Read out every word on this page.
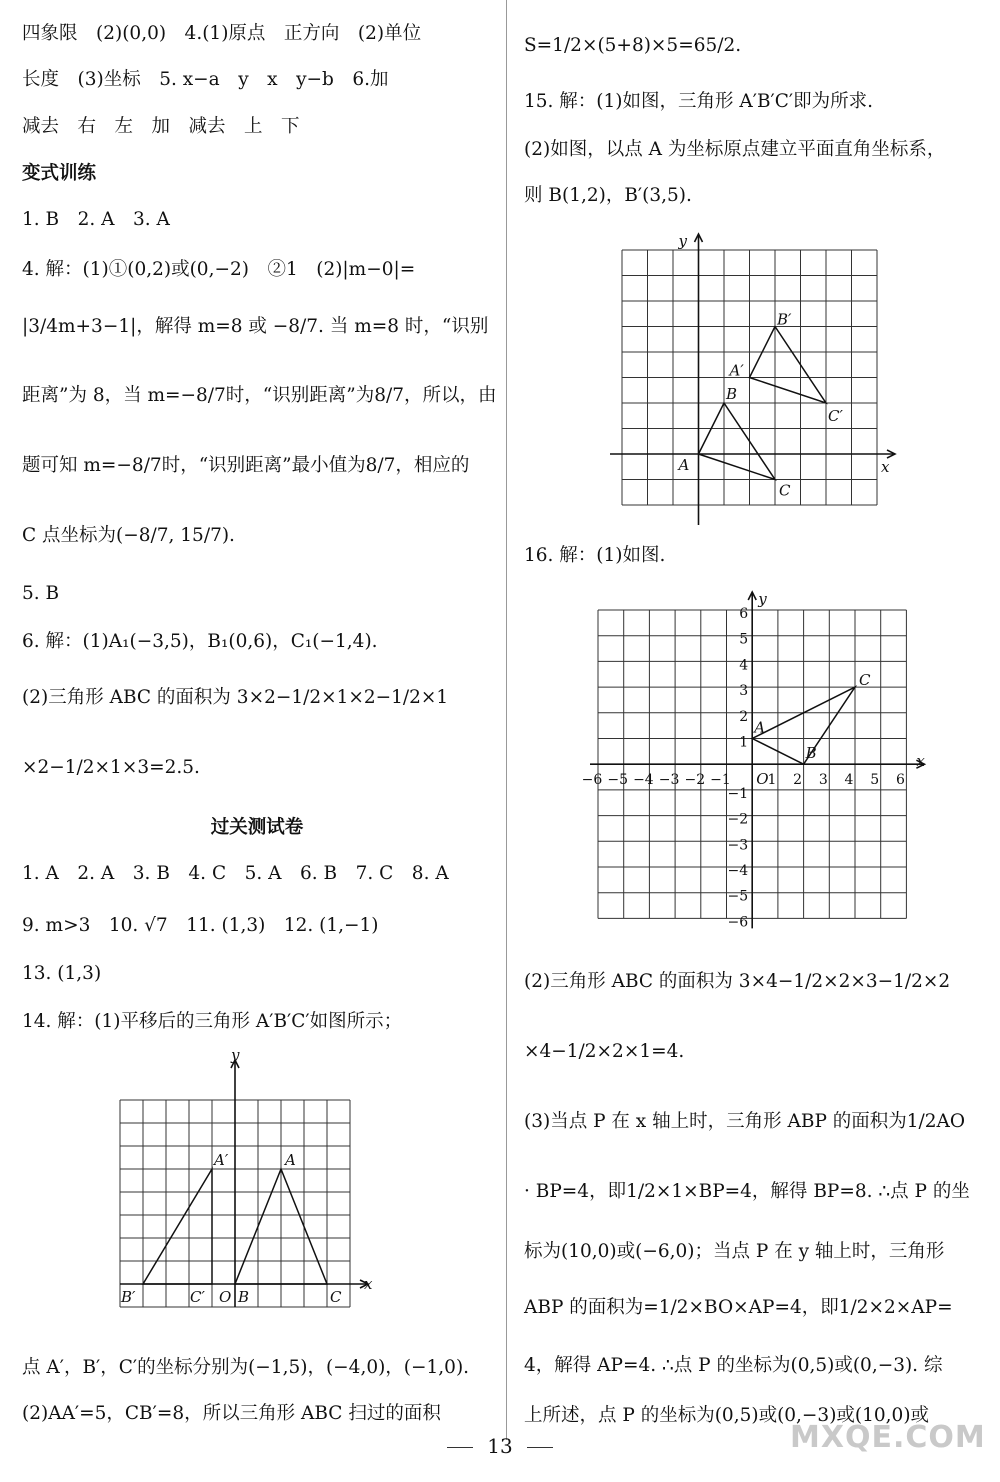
四象限　(2)(0,0)　4.(1)原点　正方向　(2)单位
长度　(3)坐标　5. x−a　y　x　y−b　6.加
减去　右　左　加　减去　上　下
变式训练
1. B　2. A　3. A
4. 解：(1)①(0,2)或(0,−2)　②1　(2)|m−0|=
|3/4m+3−1|，解得 m=8 或 −8/7. 当 m=8 时，“识别
距离”为 8，当 m=−8/7时，“识别距离”为8/7，所以，由
题可知 m=−8/7时，“识别距离”最小值为8/7，相应的
C 点坐标为(−8/7, 15/7).
5. B
6. 解：(1)A₁(−3,5)，B₁(0,6)，C₁(−1,4).
(2)三角形 ABC 的面积为 3×2−1/2×1×2−1/2×1
×2−1/2×1×3=2.5.
过关测试卷
1. A　2. A　3. B　4. C　5. A　6. B　7. C　8. A
9. m>3　10. √7　11. (1,3)　12. (1,−1)
13. (1,3)
14. 解：(1)平移后的三角形 A′B′C′如图所示；
点 A′，B′，C′的坐标分别为(−1,5)，(−4,0)，(−1,0).
(2)AA′=5，CB′=8，所以三角形 ABC 扫过的面积
S=1/2×(5+8)×5=65/2.
15. 解：(1)如图，三角形 A′B′C′即为所求.
(2)如图，以点 A 为坐标原点建立平面直角坐标系，
则 B(1,2)，B′(3,5).
16. 解：(1)如图.
(2)三角形 ABC 的面积为 3×4−1/2×2×3−1/2×2
×4−1/2×2×1=4.
(3)当点 P 在 x 轴上时，三角形 ABP 的面积为1/2AO
· BP=4，即1/2×1×BP=4，解得 BP=8. ∴点 P 的坐
标为(10,0)或(−6,0)；当点 P 在 y 轴上时，三角形
ABP 的面积为=1/2×BO×AP=4，即1/2×2×AP=
4，解得 AP=4. ∴点 P 的坐标为(0,5)或(0,−3). 综
上所述，点 P 的坐标为(0,5)或(0,−3)或(10,0)或
y
x
A
A′
B
B′	C
C′ O
y
x
A
B
C
A′
B′
C′
y
x
O
−6 −5 −4 −3 −2 −1	1 2 3 4 5 6
6
5
4
3
2
1
−1
−2
−3
−4
−5
−6
A
B
C
13	MXQE.COM
